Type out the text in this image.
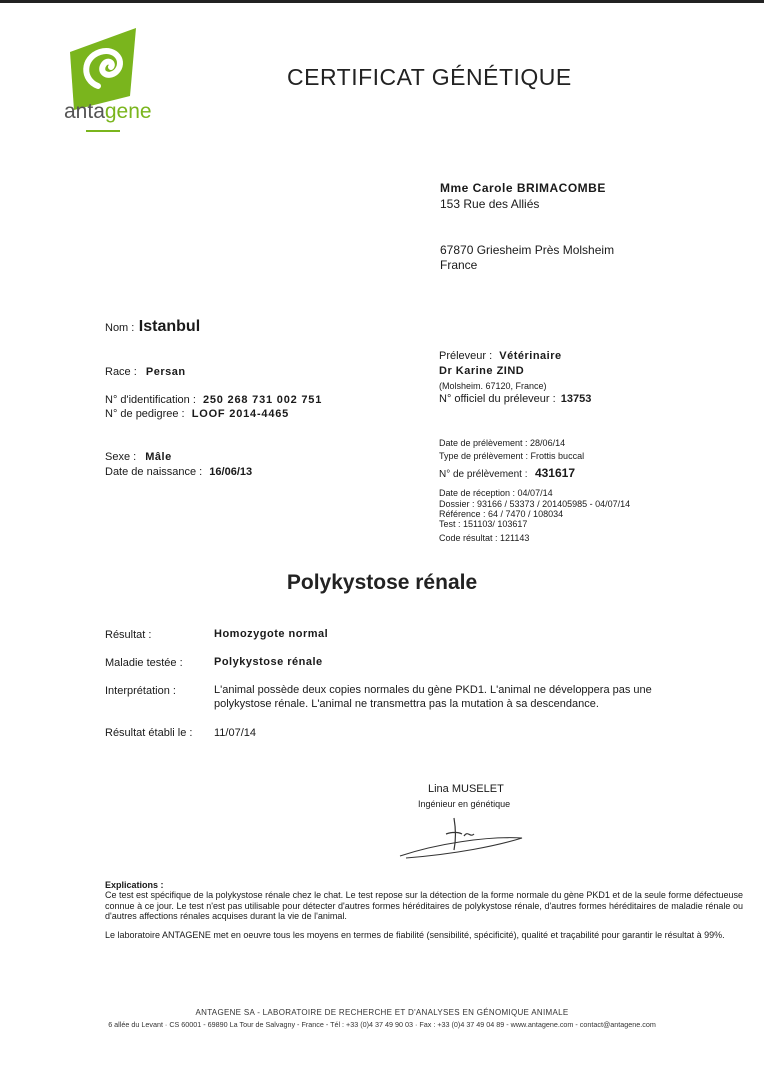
antagene
CERTIFICAT GÉNÉTIQUE
Mme Carole BRIMACOMBE
153 Rue des Alliés
67870 Griesheim Près Molsheim
France
Nom : Istanbul
Race : Persan
N° d'identification : 250 268 731 002 751
N° de pedigree : LOOF 2014-4465
Sexe : Mâle
Date de naissance : 16/06/13
Préleveur : Vétérinaire
Dr Karine ZIND
(Molsheim. 67120, France)
N° officiel du préleveur : 13753
Date de prélèvement : 28/06/14
Type de prélèvement : Frottis buccal
N° de prélèvement : 431617
Date de réception : 04/07/14
Dossier : 93166 / 53373 / 201405985 - 04/07/14
Référence : 64 / 7470 / 108034
Test : 151103/ 103617
Code résultat : 121143
Polykystose rénale
Résultat :	Homozygote normal
Maladie testée :	Polykystose rénale
Interprétation :	L'animal possède deux copies normales du gène PKD1. L'animal ne développera pas une
polykystose rénale. L'animal ne transmettra pas la mutation à sa descendance.
Résultat établi le : 11/07/14
Lina MUSELET
Ingénieur en génétique
Explications :
Ce test est spécifique de la polykystose rénale chez le chat. Le test repose sur la détection de la forme normale du gène PKD1 et de la seule forme défectueuse connue à ce jour. Le test n'est pas utilisable pour détecter d'autres formes héréditaires de polykystose rénale, d'autres formes héréditaires de maladie rénale ou d'autres affections rénales acquises durant la vie de l'animal.
Le laboratoire ANTAGENE met en oeuvre tous les moyens en termes de fiabilité (sensibilité, spécificité), qualité et traçabilité pour garantir le résultat à 99%.
ANTAGENE SA - LABORATOIRE DE RECHERCHE ET D'ANALYSES EN GÉNOMIQUE ANIMALE
6 allée du Levant · CS 60001 - 69890 La Tour de Salvagny - France - Tél : +33 (0)4 37 49 90 03 · Fax : +33 (0)4 37 49 04 89 - www.antagene.com - contact@antagene.com
